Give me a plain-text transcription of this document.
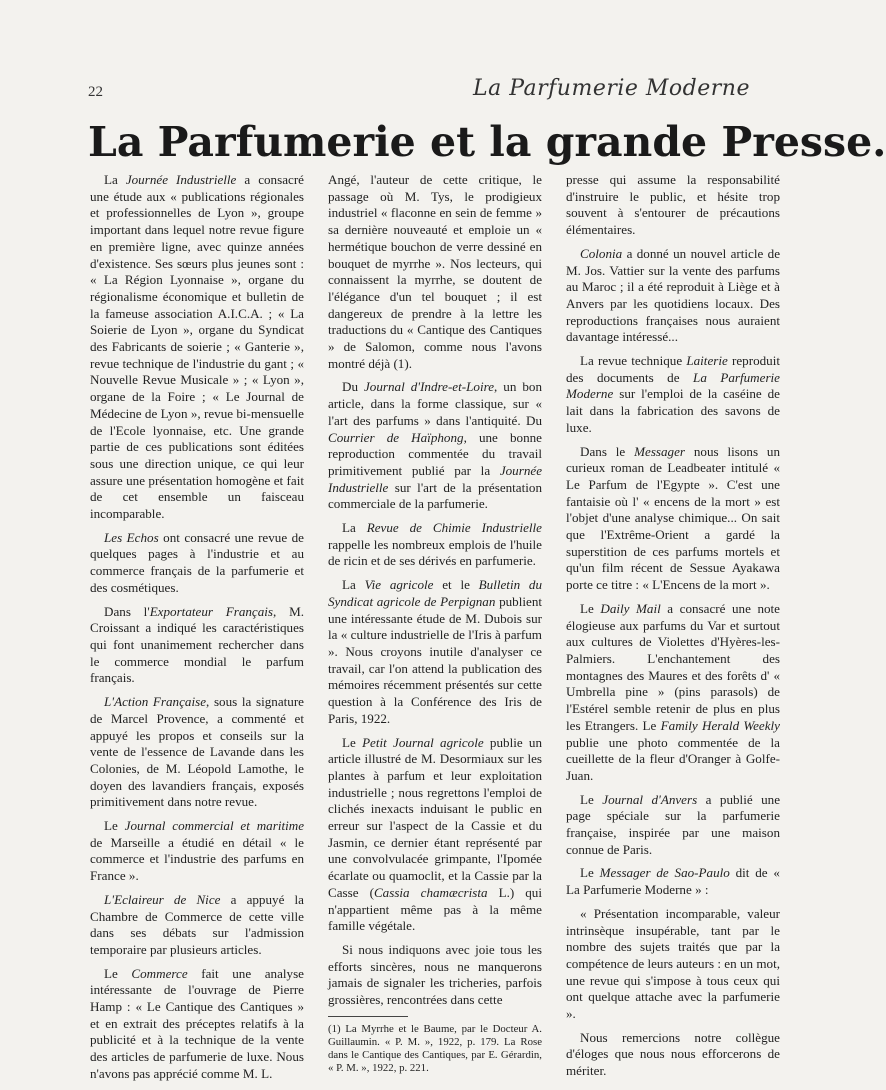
22	La Parfumerie Moderne
La Parfumerie et la grande Presse.

La Journée Industrielle a consacré une étude aux « publications régionales et professionnelles de Lyon », groupe important dans lequel notre revue figure en première ligne, avec quinze années d'existence. Ses sœurs plus jeunes sont : « La Région Lyonnaise », organe du régionalisme économique et bulletin de la fameuse association A.I.C.A. ; « La Soierie de Lyon », organe du Syndicat des Fabricants de soierie ; « Ganterie », revue technique de l'industrie du gant ; « Nouvelle Revue Musicale » ; « Lyon », organe de la Foire ; « Le Journal de Médecine de Lyon », revue bi-mensuelle de l'Ecole lyonnaise, etc. Une grande partie de ces publications sont éditées sous une direction unique, ce qui leur assure une présentation homogène et fait de cet ensemble un faisceau incomparable.

Les Echos ont consacré une revue de quelques pages à l'industrie et au commerce français de la parfumerie et des cosmétiques.

Dans l'Exportateur Français, M. Croissant a indiqué les caractéristiques qui font unanimement rechercher dans le commerce mondial le parfum français.

L'Action Française, sous la signature de Marcel Provence, a commenté et appuyé les propos et conseils sur la vente de l'essence de Lavande dans les Colonies, de M. Léopold Lamothe, le doyen des lavandiers français, exposés primitivement dans notre revue.

Le Journal commercial et maritime de Marseille a étudié en détail « le commerce et l'industrie des parfums en France ».

L'Eclaireur de Nice a appuyé la Chambre de Commerce de cette ville dans ses débats sur l'admission temporaire par plusieurs articles.

Le Commerce fait une analyse intéressante de l'ouvrage de Pierre Hamp : « Le Cantique des Cantiques » et en extrait des préceptes relatifs à la publicité et à la technique de la vente des articles de parfumerie de luxe. Nous n'avons pas apprécié comme M. L.

Angé, l'auteur de cette critique, le passage où M. Tys, le prodigieux industriel « flaconne en sein de femme » sa dernière nouveauté et emploie un « hermétique bouchon de verre dessiné en bouquet de myrrhe ». Nos lecteurs, qui connaissent la myrrhe, se doutent de l'élégance d'un tel bouquet ; il est dangereux de prendre à la lettre les traductions du « Cantique des Cantiques » de Salomon, comme nous l'avons montré déjà (1).

Du Journal d'Indre-et-Loire, un bon article, dans la forme classique, sur « l'art des parfums » dans l'antiquité. Du Courrier de Haïphong, une bonne reproduction commentée du travail primitivement publié par la Journée Industrielle sur l'art de la présentation commerciale de la parfumerie.

La Revue de Chimie Industrielle rappelle les nombreux emplois de l'huile de ricin et de ses dérivés en parfumerie.

La Vie agricole et le Bulletin du Syndicat agricole de Perpignan publient une intéressante étude de M. Dubois sur la « culture industrielle de l'Iris à parfum ». Nous croyons inutile d'analyser ce travail, car l'on attend la publication des mémoires récemment présentés sur cette question à la Conférence des Iris de Paris, 1922.

Le Petit Journal agricole publie un article illustré de M. Desormiaux sur les plantes à parfum et leur exploitation industrielle ; nous regrettons l'emploi de clichés inexacts induisant le public en erreur sur l'aspect de la Cassie et du Jasmin, ce dernier étant représenté par une convolvulacée grimpante, l'Ipomée écarlate ou quamoclit, et la Cassie par la Casse (Cassia chamæcrista L.) qui n'appartient même pas à la même famille végétale.

Si nous indiquons avec joie tous les efforts sincères, nous ne manquerons jamais de signaler les tricheries, parfois grossières, rencontrées dans cette

(1) La Myrrhe et le Baume, par le Docteur A. Guillaumin. « P. M. », 1922, p. 179. La Rose dans le Cantique des Cantiques, par E. Gérardin, « P. M. », 1922, p. 221.

presse qui assume la responsabilité d'instruire le public, et hésite trop souvent à s'entourer de précautions élémentaires.

Colonia a donné un nouvel article de M. Jos. Vattier sur la vente des parfums au Maroc ; il a été reproduit à Liège et à Anvers par les quotidiens locaux. Des reproductions françaises nous auraient davantage intéressé...

La revue technique Laiterie reproduit des documents de La Parfumerie Moderne sur l'emploi de la caséine de lait dans la fabrication des savons de luxe.

Dans le Messager nous lisons un curieux roman de Leadbeater intitulé « Le Parfum de l'Egypte ». C'est une fantaisie où l' « encens de la mort » est l'objet d'une analyse chimique... On sait que l'Extrême-Orient a gardé la superstition de ces parfums mortels et qu'un film récent de Sessue Ayakawa porte ce titre : « L'Encens de la mort ».

Le Daily Mail a consacré une note élogieuse aux parfums du Var et surtout aux cultures de Violettes d'Hyères-les-Palmiers. L'enchantement des montagnes des Maures et des forêts d' « Umbrella pine » (pins parasols) de l'Estérel semble retenir de plus en plus les Etrangers. Le Family Herald Weekly publie une photo commentée de la cueillette de la fleur d'Oranger à Golfe-Juan.

Le Journal d'Anvers a publié une page spéciale sur la parfumerie française, inspirée par une maison connue de Paris.

Le Messager de Sao-Paulo dit de « La Parfumerie Moderne » :

« Présentation incomparable, valeur intrinsèque insupérable, tant par le nombre des sujets traités que par la compétence de leurs auteurs : en un mot, une revue qui s'impose à tous ceux qui ont quelque attache avec la parfumerie ».

Nous remercions notre collègue d'éloges que nous nous efforcerons de mériter.
